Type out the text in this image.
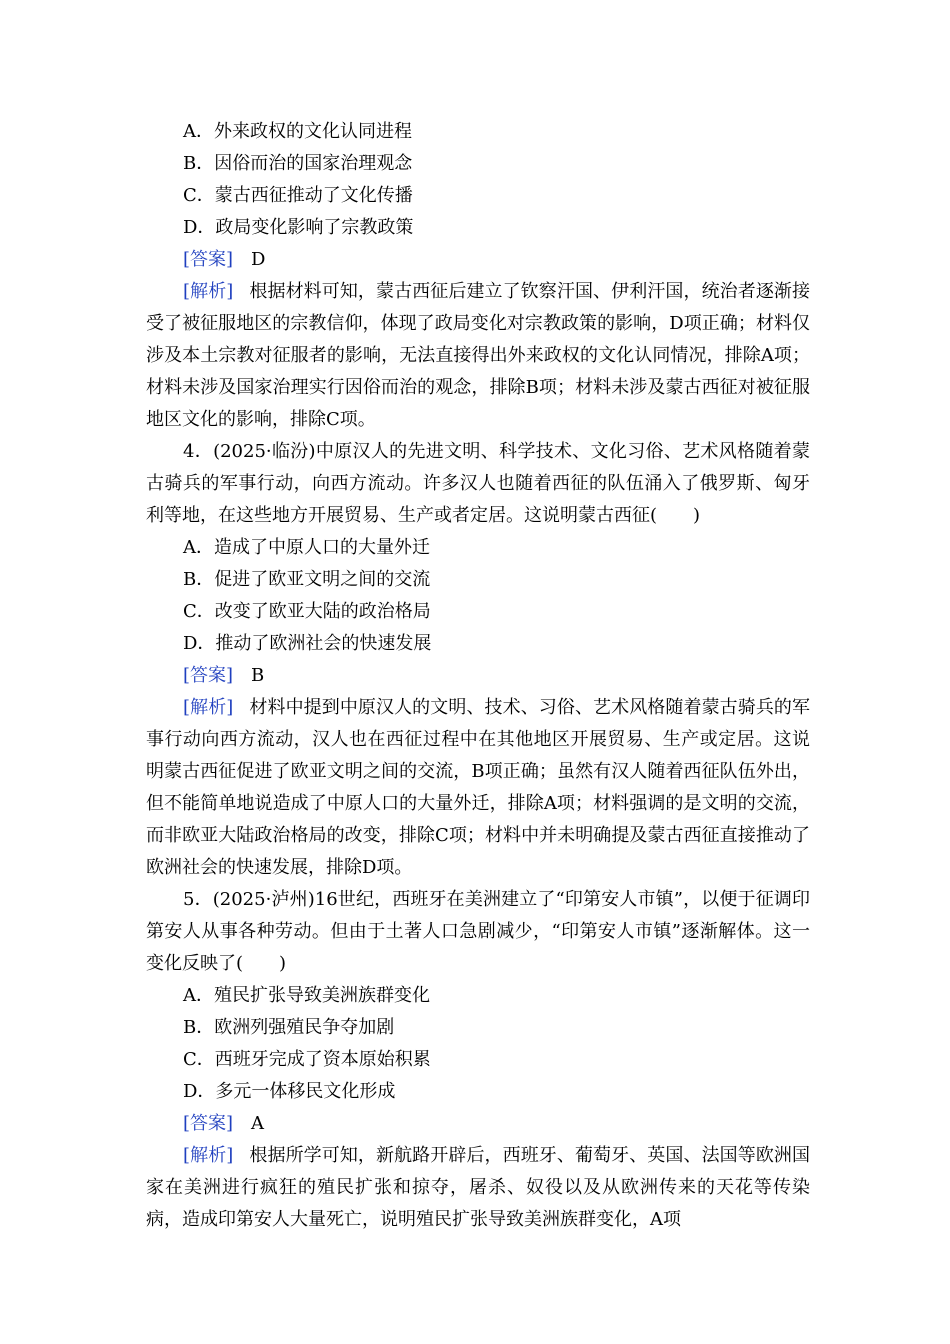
A．外来政权的文化认同进程
B．因俗而治的国家治理观念
C．蒙古西征推动了文化传播
D．政局变化影响了宗教政策
[答案] D
[解析] 根据材料可知，蒙古西征后建立了钦察汗国、伊利汗国，统治者逐渐接受了被征服地区的宗教信仰，体现了政局变化对宗教政策的影响，D项正确；材料仅涉及本土宗教对征服者的影响，无法直接得出外来政权的文化认同情况，排除A项；材料未涉及国家治理实行因俗而治的观念，排除B项；材料未涉及蒙古西征对被征服地区文化的影响，排除C项。
4．(2025·临汾)中原汉人的先进文明、科学技术、文化习俗、艺术风格随着蒙古骑兵的军事行动，向西方流动。许多汉人也随着西征的队伍涌入了俄罗斯、匈牙利等地，在这些地方开展贸易、生产或者定居。这说明蒙古西征(　　)
A．造成了中原人口的大量外迁
B．促进了欧亚文明之间的交流
C．改变了欧亚大陆的政治格局
D．推动了欧洲社会的快速发展
[答案] B
[解析] 材料中提到中原汉人的文明、技术、习俗、艺术风格随着蒙古骑兵的军事行动向西方流动，汉人也在西征过程中在其他地区开展贸易、生产或定居。这说明蒙古西征促进了欧亚文明之间的交流，B项正确；虽然有汉人随着西征队伍外出，但不能简单地说造成了中原人口的大量外迁，排除A项；材料强调的是文明的交流，而非欧亚大陆政治格局的改变，排除C项；材料中并未明确提及蒙古西征直接推动了欧洲社会的快速发展，排除D项。
5．(2025·泸州)16世纪，西班牙在美洲建立了“印第安人市镇”，以便于征调印第安人从事各种劳动。但由于土著人口急剧减少，“印第安人市镇”逐渐解体。这一变化反映了(　　)
A．殖民扩张导致美洲族群变化
B．欧洲列强殖民争夺加剧
C．西班牙完成了资本原始积累
D．多元一体移民文化形成
[答案] A
[解析] 根据所学可知，新航路开辟后，西班牙、葡萄牙、英国、法国等欧洲国家在美洲进行疯狂的殖民扩张和掠夺，屠杀、奴役以及从欧洲传来的天花等传染病，造成印第安人大量死亡，说明殖民扩张导致美洲族群变化，A项
